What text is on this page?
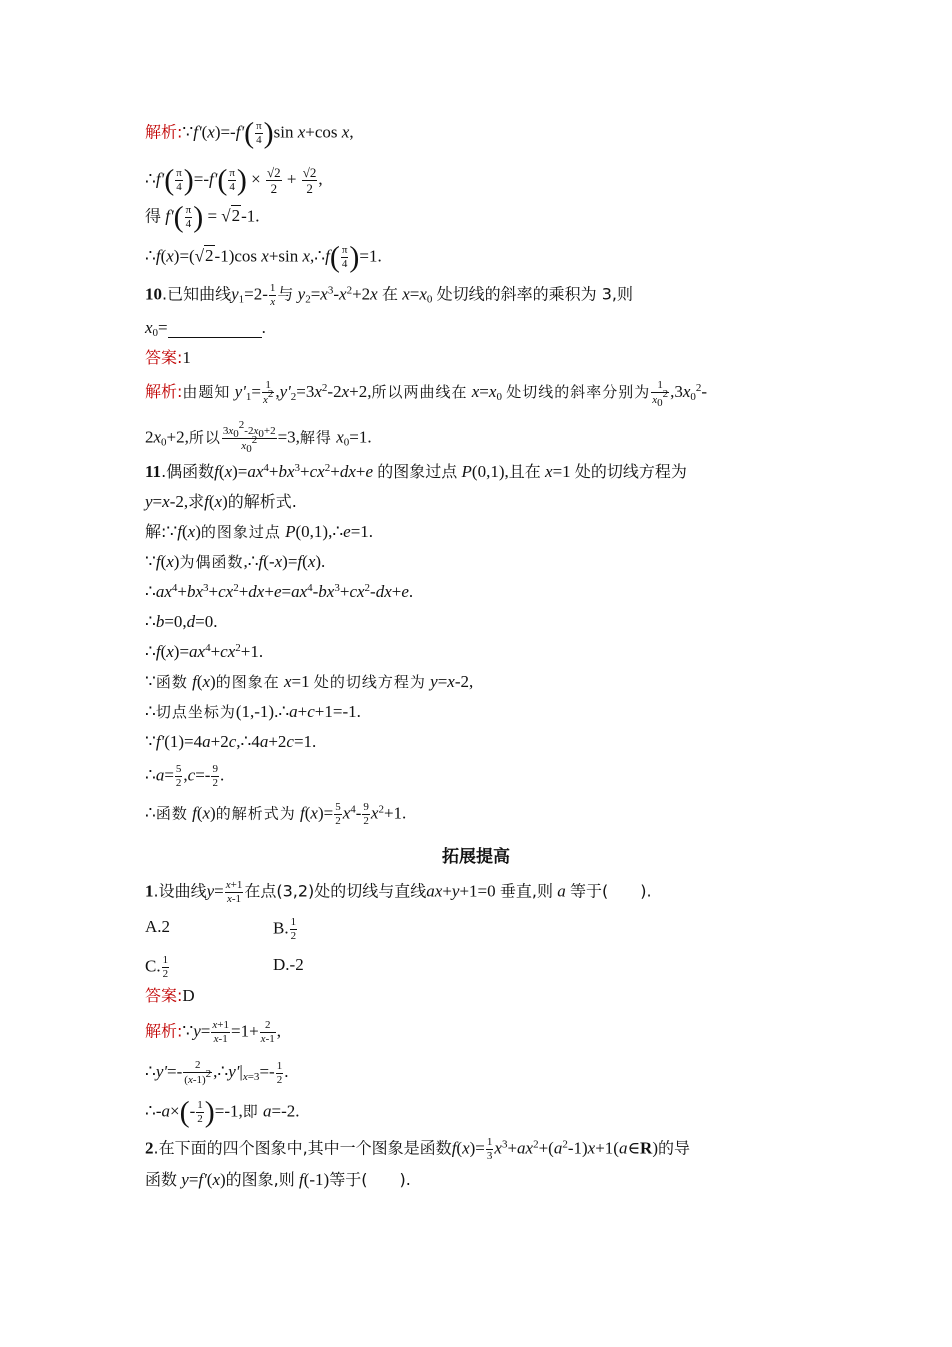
解析:∵f'(x)=-f'( $\frac{\pi}{4} )\sin$ x+cos x,
∴f'( $\frac{\pi}{4} )=-f'( \frac{\pi}{4}$ ) × $\frac{√2}{2} + \frac{√2}{2}$ ,
得 $f'( \frac{\pi}{4}$ ) = √2-1.
∴f(x)=(√2-1)cos x+sin x,∴f( $\frac{\pi}{4} )=1$.
10.已知曲线$y_1=2- \frac{1}{x}$ 与 $y_2=x^3-x^2+2x$ 在 $x=x_0$ 处切线的斜率的乘积为 3,则
$x_0=$	.
答案:1
解析:由题知 $y'_1= \frac{1}{x^2} ,y'_2=3x^2-2x+2$,所以两曲线在 $x=x_0$ 处切线的斜率分别为 $\frac{1}{x_0^2} ,3x_0^2-$
$2x_0+2$,所以 $\frac{3x_0^2-2x_0+2}{x_0^2} =3$,解得 $x_0=1$.
11.偶函数$f(x)=ax^4+bx^3+cx^2+dx+e$ 的图象过点 P(0,1),且在 x=1 处的切线方程为
y=x-2,求f(x)的解析式.
解:∵f(x)的图象过点 P(0,1),∴e=1.
∵f(x)为偶函数,∴f(-x)=f(x).
$\therefore ax^4+bx^3+cx^2+dx+e=ax^4-bx^3+cx^2-dx+e$.
∴b=0,d=0.
$\therefore f(x)=ax^4+cx^2+1$.
∵函数 f(x)的图象在 x=1 处的切线方程为 y=x-2,
∴切点坐标为(1,-1).∴a+c+1=-1.
∵f'(1)=4a+2c,∴4a+2c=1.
∴a= $\frac{5}{2} ,c=- \frac{9}{2}$ .
∴函数 f(x)的解析式为 $f(x)= \frac{5}{2} x^4- \frac{9}{2} x^2+1$.
拓展提高
1.设曲线$y= \frac{x+1}{x-1}$ 在点(3,2)处的切线与直线ax+y+1=0 垂直,则 a 等于(　　).
A.2	B. $\frac{1}{2}$
C. $\frac{1}{2}$	D.-2
答案:D
解析:∵y= $\frac{x+1}{x-1} =1+ \frac{2}{x-1}$ ,
∴y'=- $\frac{2}{(x-1)^2}$ $,\therefore y'|_{x=3}=- \frac{1}{2}$ .
∴-a×(- $\frac{1}{2} )=-1$,即 a=-2.
2.在下面的四个图象中,其中一个图象是函数$f(x)= \frac{1}{3}$ $x^3+ax^2+(a^2-1)x+1(a\in R)$的导
函数 y=f'(x)的图象,则 f(-1)等于(　　).
